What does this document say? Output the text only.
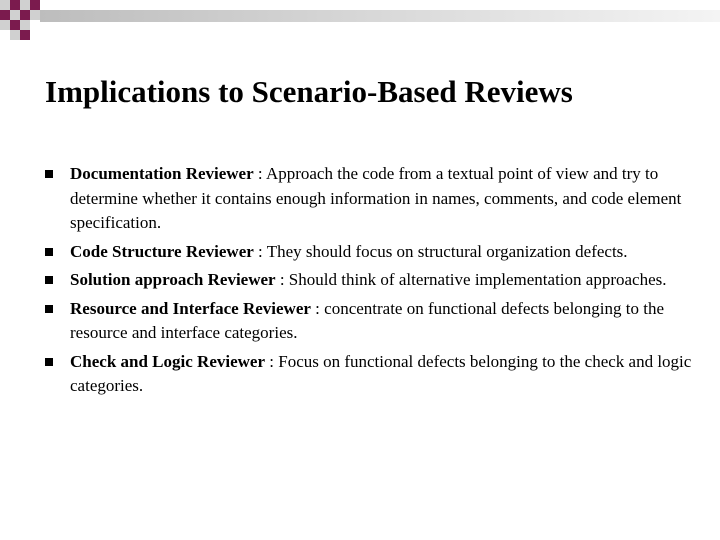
Implications to Scenario-Based Reviews
Documentation Reviewer : Approach the code from a textual point of view and try to determine whether it contains enough information in names, comments, and code element specification.
Code Structure Reviewer : They should focus on structural organization defects.
Solution approach Reviewer : Should think of alternative implementation approaches.
Resource and Interface Reviewer : concentrate on functional defects belonging to the resource and interface categories.
Check and Logic Reviewer : Focus on functional defects belonging to the check and logic categories.
